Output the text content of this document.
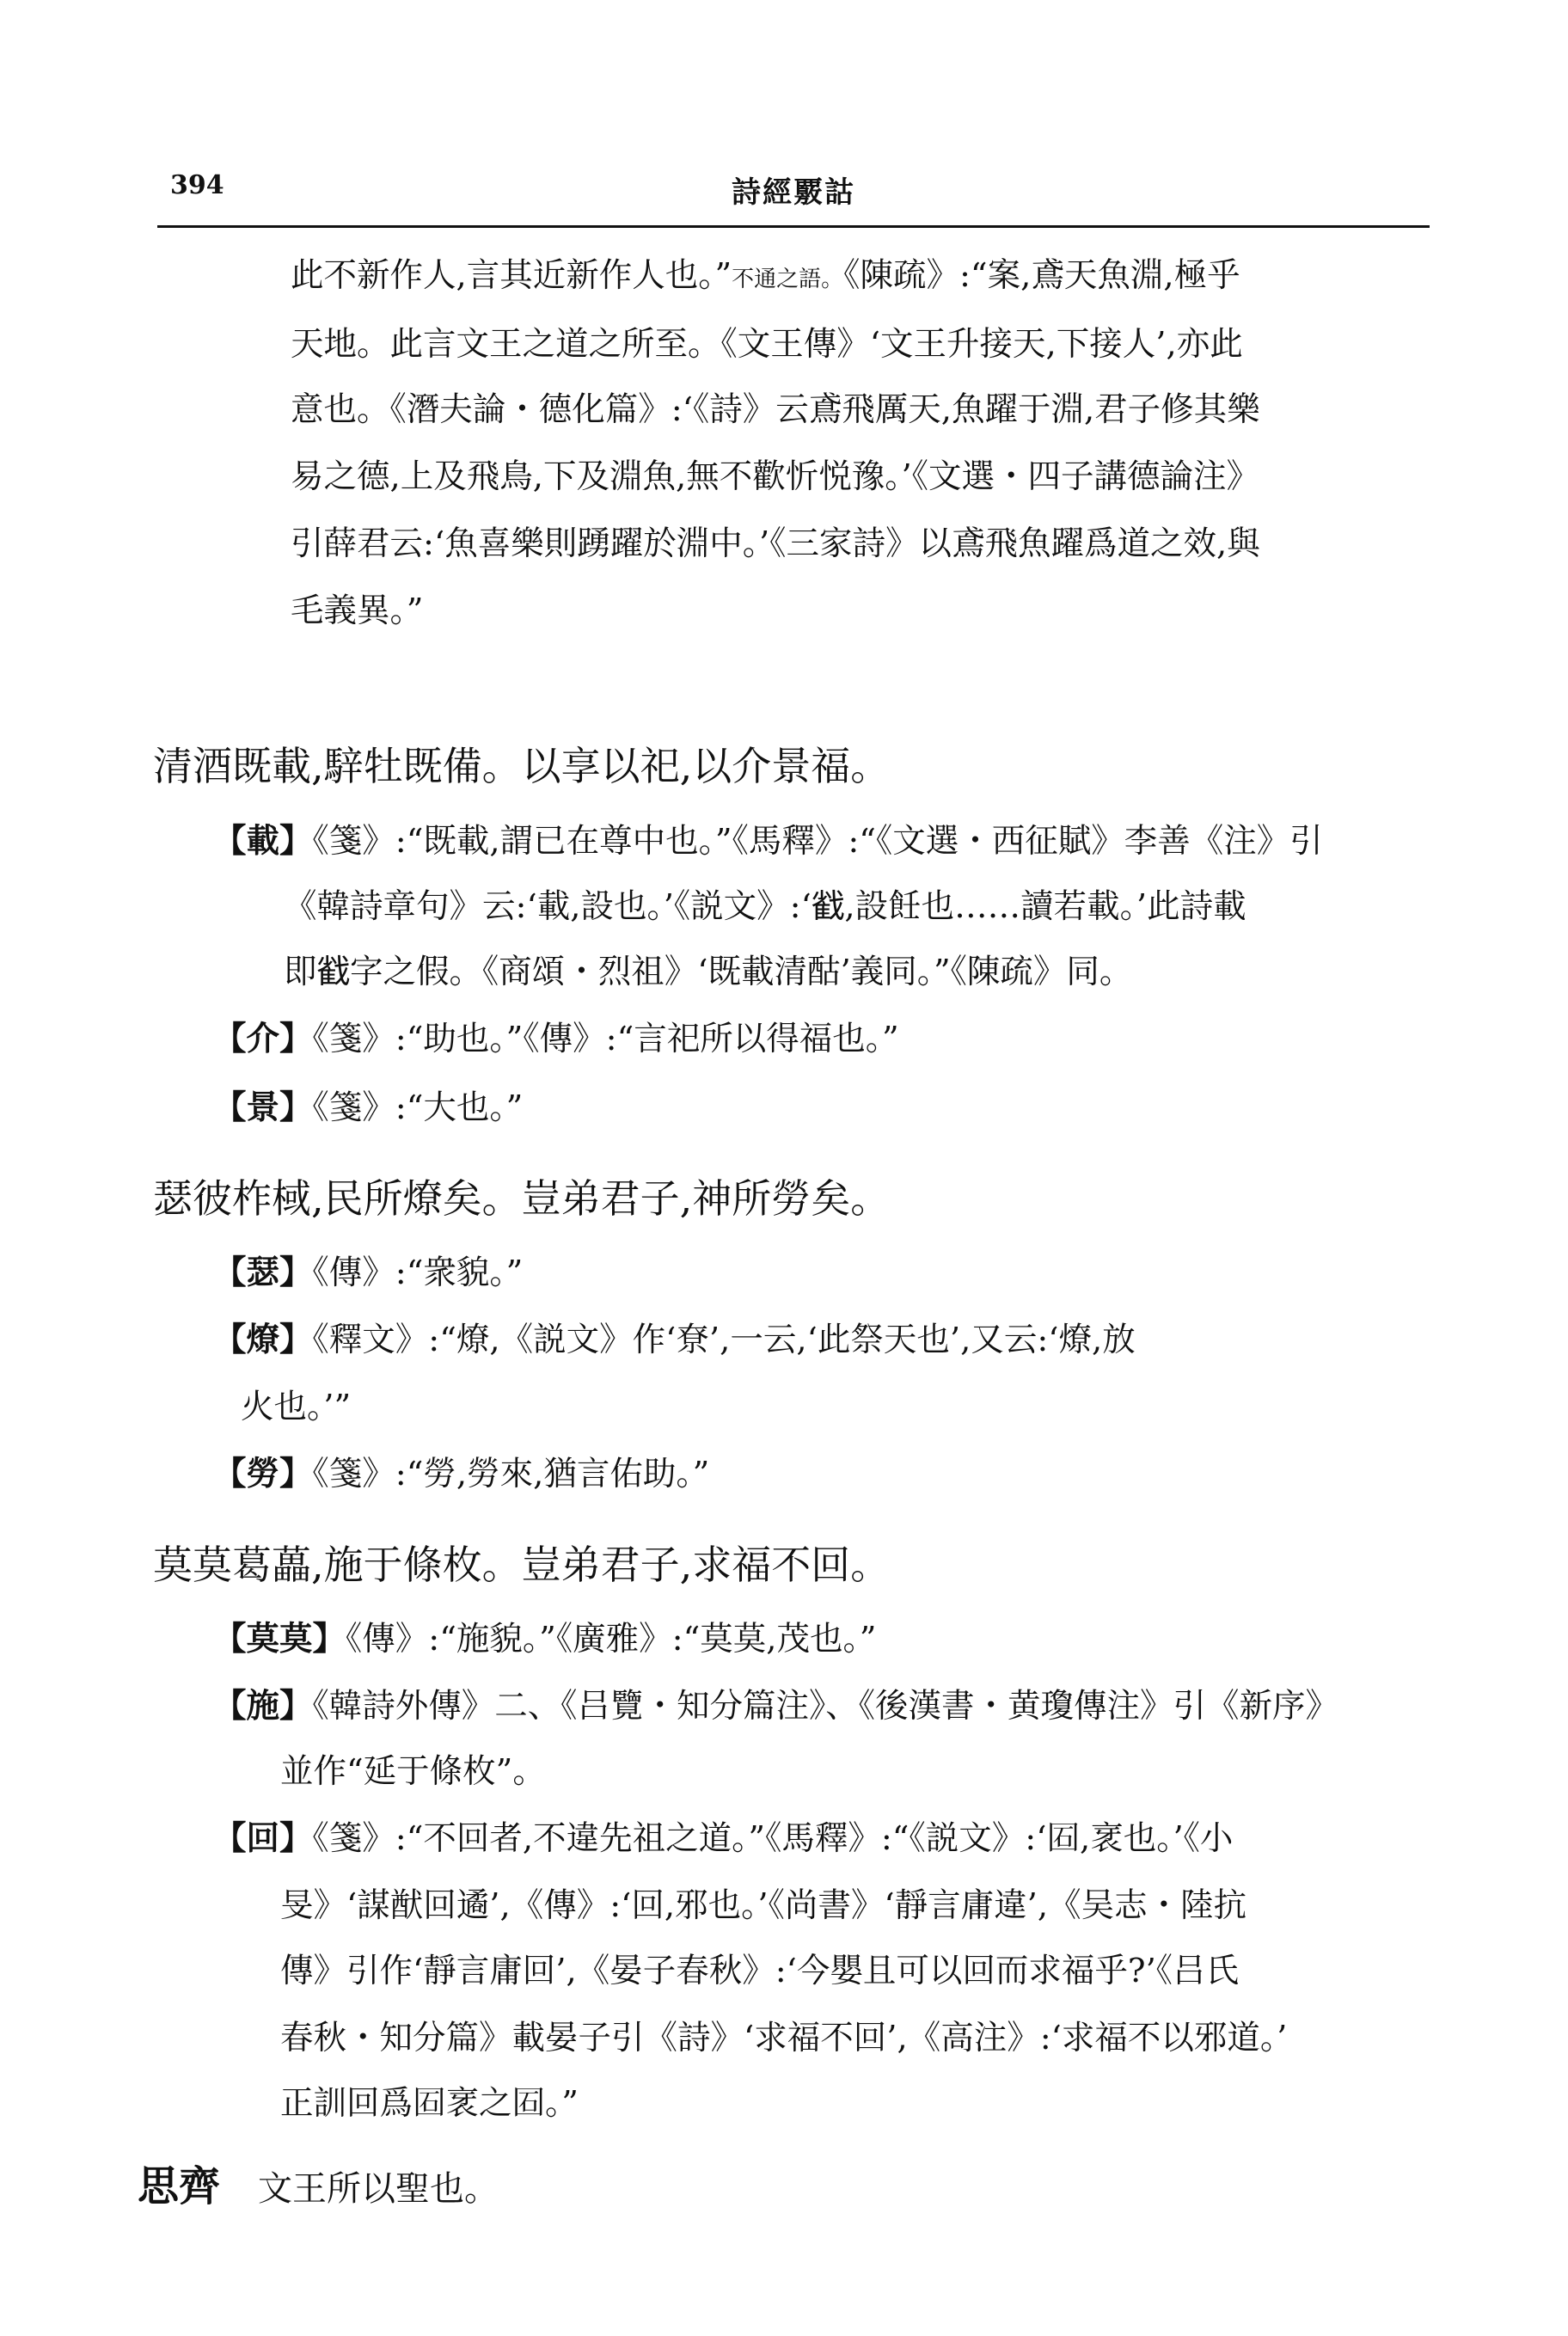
394	詩經覈詁
此不新作人,言其近新作人也。”不通之語。《陳疏》:“案,鳶天魚淵,極乎
天地。此言文王之道之所至。《文王傳》‘文王升接天,下接人’,亦此
意也。《潛夫論・德化篇》:‘《詩》云鳶飛厲天,魚躍于淵,君子修其樂
易之德,上及飛鳥,下及淵魚,無不歡忻悦豫。’《文選・四子講德論注》
引薛君云:‘魚喜樂則踴躍於淵中。’《三家詩》以鳶飛魚躍爲道之效,與
毛義異。”
清酒既載,騂牡既備。以享以祀,以介景福。
【載】《箋》:“既載,謂已在尊中也。”《馬釋》:“《文選・西征賦》李善《注》引
《韓詩章句》云:‘載,設也。’《説文》:‘𢧵,設飪也……讀若載。’此詩載
即𢧵字之假。《商頌・烈祖》‘既載清酤’義同。”《陳疏》同。
【介】《箋》:“助也。”《傳》:“言祀所以得福也。”
【景】《箋》:“大也。”
瑟彼柞棫,民所燎矣。豈弟君子,神所勞矣。
【瑟】《傳》:“衆貌。”
【燎】《釋文》:“燎,《説文》作‘尞’,一云,‘此祭天也’,又云:‘燎,放
火也。’”
【勞】《箋》:“勞,勞來,猶言佑助。”
莫莫葛藟,施于條枚。豈弟君子,求福不回。
【莫莫】《傳》:“施貌。”《廣雅》:“莫莫,茂也。”
【施】《韓詩外傳》二、《吕覽・知分篇注》、《後漢書・黄瓊傳注》引《新序》
並作“延于條枚”。
【回】《箋》:“不回者,不違先祖之道。”《馬釋》:“《説文》:‘𡇈,衺也。’《小
旻》‘謀猷回遹’,《傳》:‘回,邪也。’《尚書》‘靜言庸違’,《吴志・陸抗
傳》引作‘靜言庸回’,《晏子春秋》:‘今嬰且可以回而求福乎?’《吕氏
春秋・知分篇》載晏子引《詩》‘求福不回’,《高注》:‘求福不以邪道。’
正訓回爲𡇈衺之𡇈。”
思齊 文王所以聖也。
